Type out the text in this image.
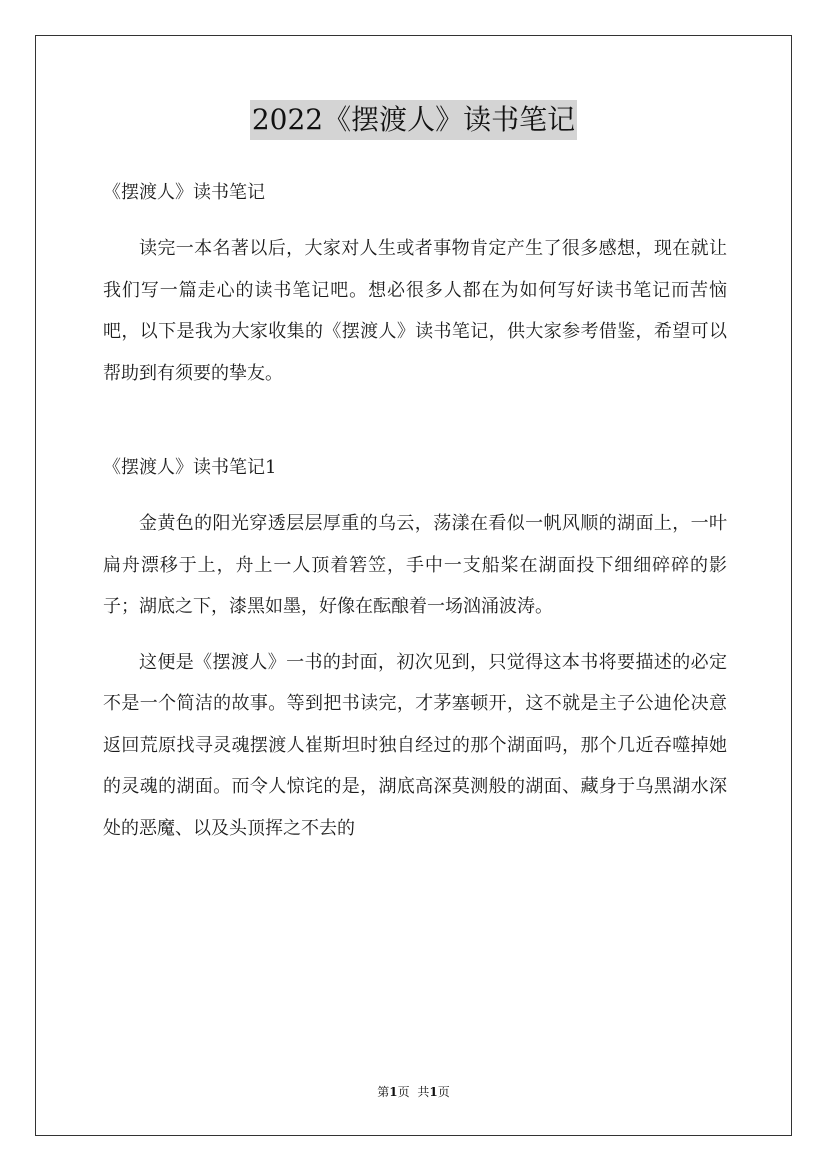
2022《摆渡人》读书笔记

《摆渡人》读书笔记

读完一本名著以后，大家对人生或者事物肯定产生了很多感想，现在就让我们写一篇走心的读书笔记吧。想必很多人都在为如何写好读书笔记而苦恼吧，以下是我为大家收集的《摆渡人》读书笔记，供大家参考借鉴，希望可以帮助到有须要的挚友。

《摆渡人》读书笔记1

金黄色的阳光穿透层层厚重的乌云，荡漾在看似一帆风顺的湖面上，一叶扁舟漂移于上，舟上一人顶着箬笠，手中一支船桨在湖面投下细细碎碎的影子；湖底之下，漆黑如墨，好像在酝酿着一场汹涌波涛。

这便是《摆渡人》一书的封面，初次见到，只觉得这本书将要描述的必定不是一个简洁的故事。等到把书读完，才茅塞顿开，这不就是主子公迪伦决意返回荒原找寻灵魂摆渡人崔斯坦时独自经过的那个湖面吗，那个几近吞噬掉她的灵魂的湖面。而令人惊诧的是，湖底高深莫测般的湖面、藏身于乌黑湖水深处的恶魔、以及头顶挥之不去的

第1页 共1页
